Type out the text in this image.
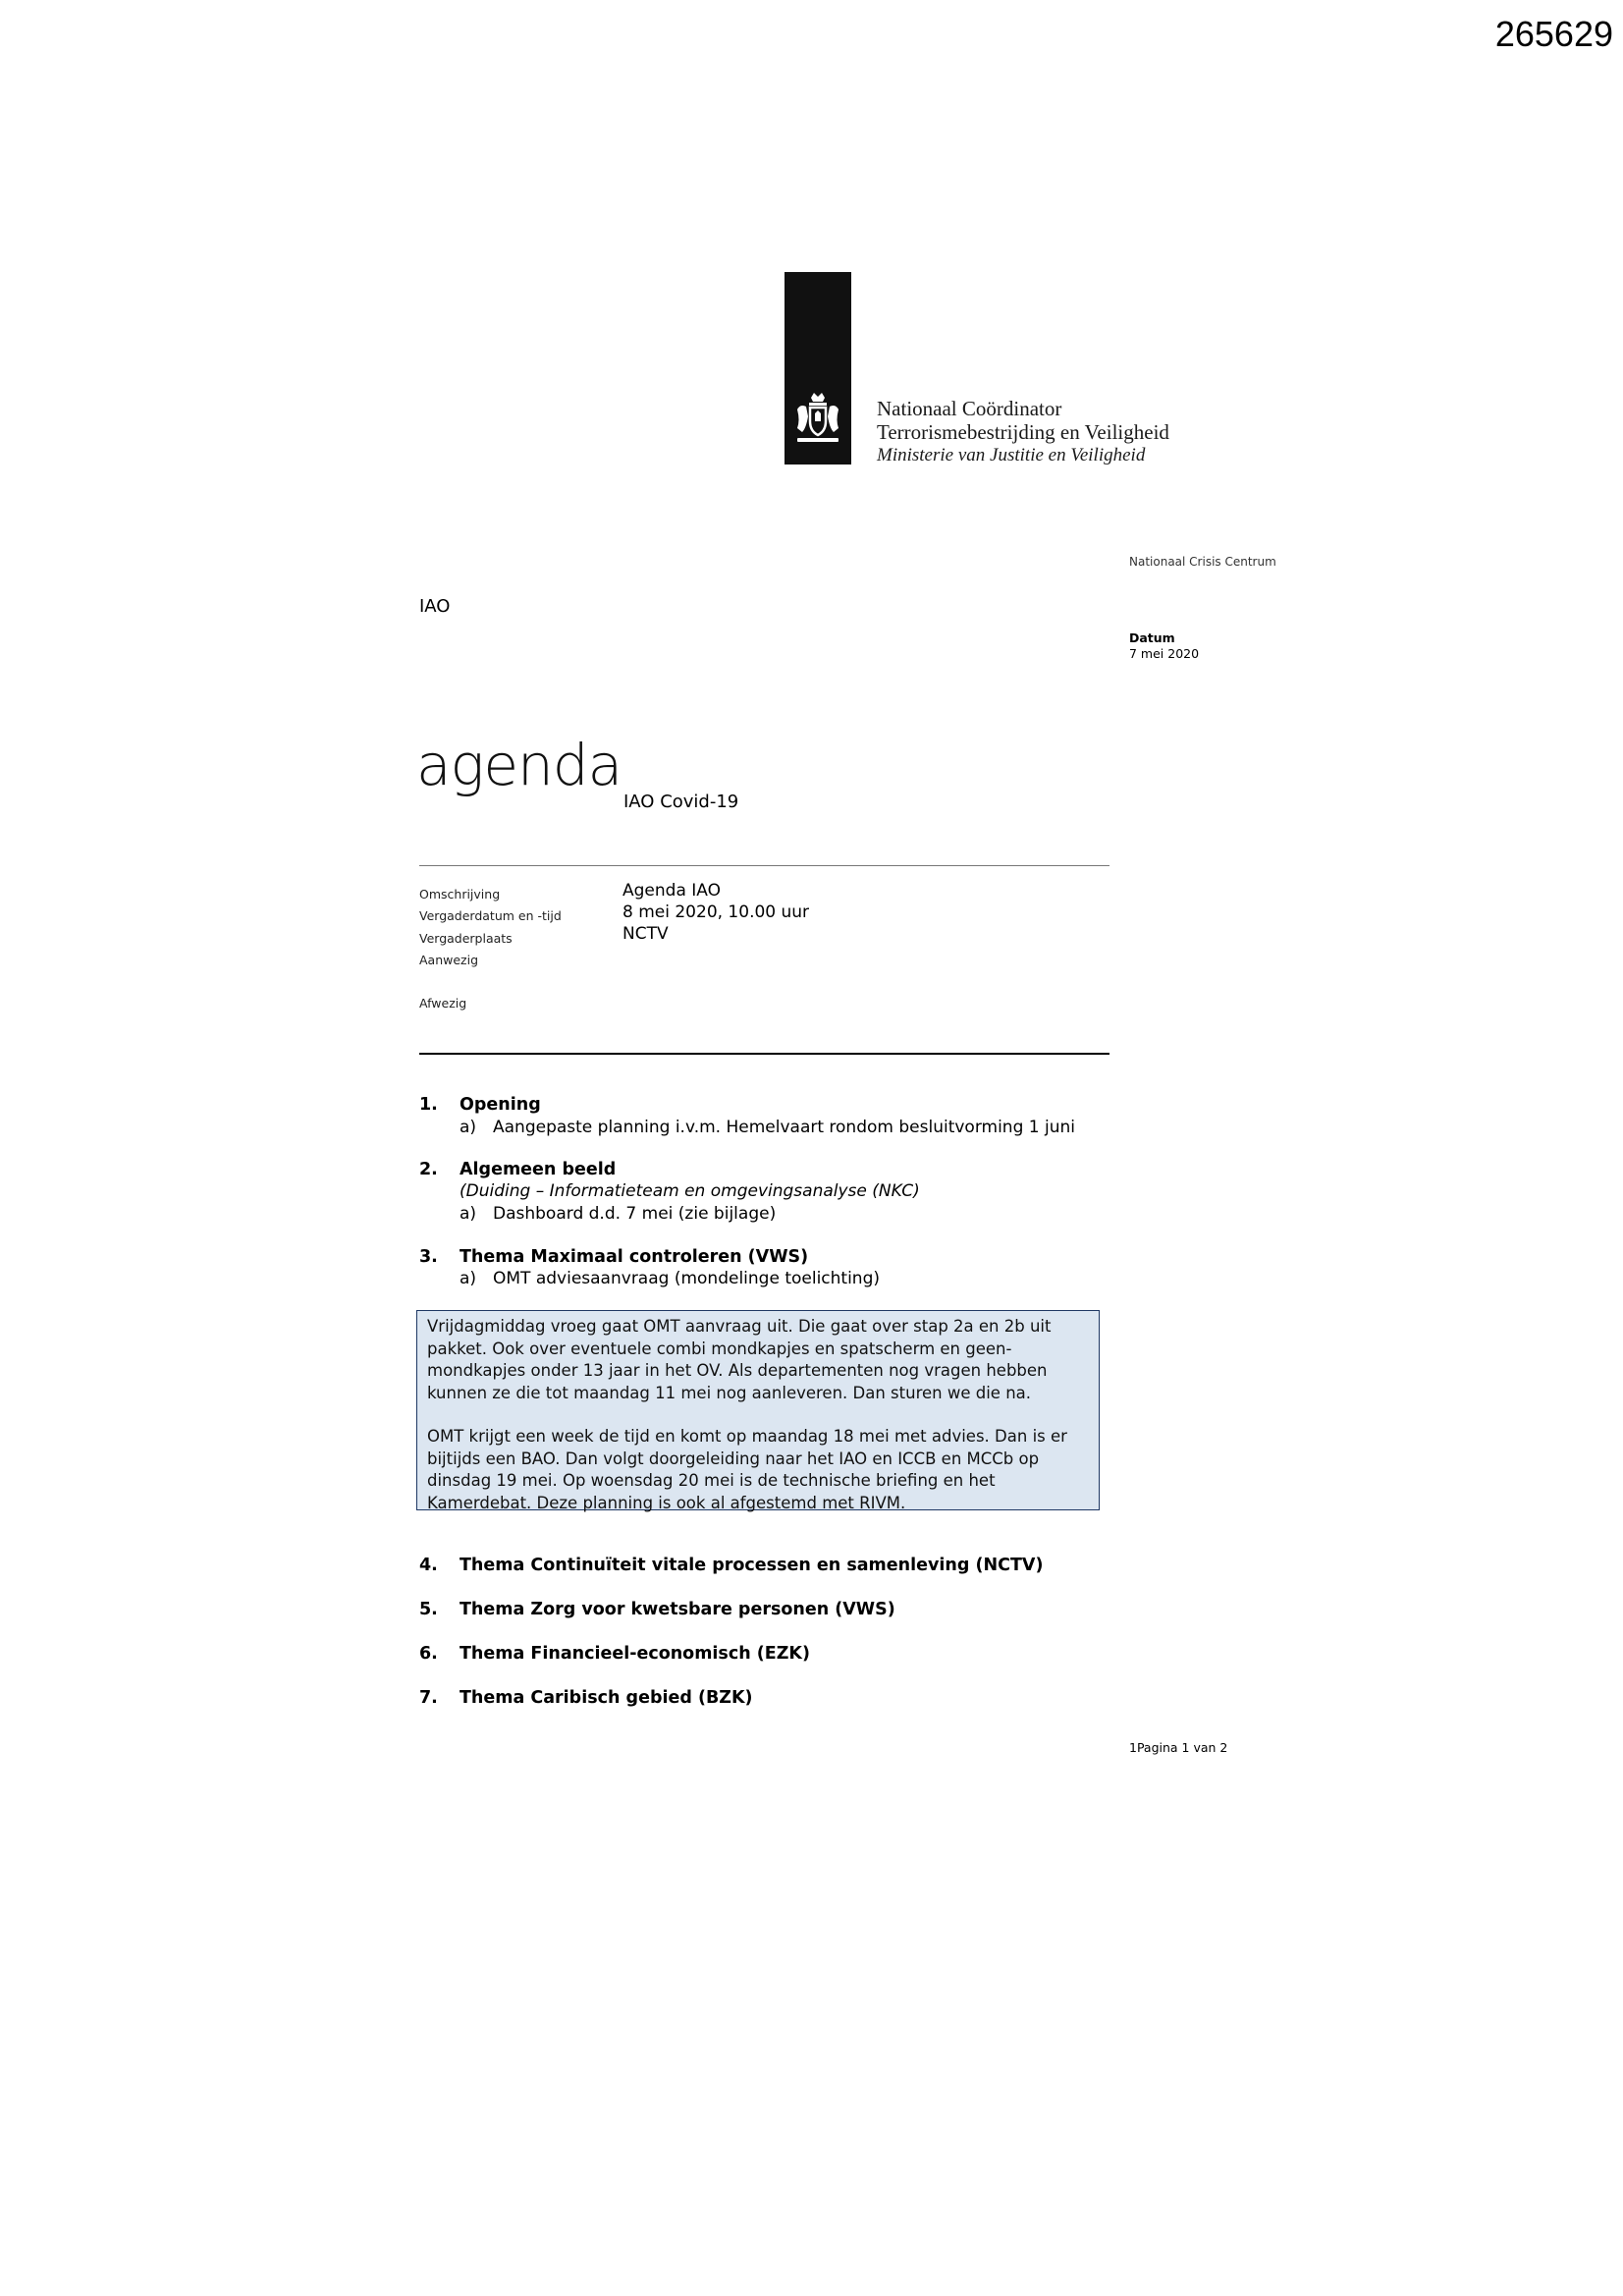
265629
Nationaal Coördinator
Terrorismebestrijding en Veiligheid
Ministerie van Justitie en Veiligheid
Nationaal Crisis Centrum
IAO
Datum
7 mei 2020
agenda
IAO Covid-19
Omschrijving	Agenda IAO
Vergaderdatum en -tijd	8 mei 2020, 10.00 uur
Vergaderplaats	NCTV
Aanwezig
Afwezig
1. Opening
a) Aangepaste planning i.v.m. Hemelvaart rondom besluitvorming 1 juni
2. Algemeen beeld
(Duiding – Informatieteam en omgevingsanalyse (NKC)
a) Dashboard d.d. 7 mei (zie bijlage)
3. Thema Maximaal controleren (VWS)
a) OMT adviesaanvraag (mondelinge toelichting)

Vrijdagmiddag vroeg gaat OMT aanvraag uit. Die gaat over stap 2a en 2b uit pakket. Ook over eventuele combi mondkapjes en spatscherm en geen-mondkapjes onder 13 jaar in het OV. Als departementen nog vragen hebben kunnen ze die tot maandag 11 mei nog aanleveren. Dan sturen we die na.

OMT krijgt een week de tijd en komt op maandag 18 mei met advies. Dan is er bijtijds een BAO. Dan volgt doorgeleiding naar het IAO en ICCB en MCCb op dinsdag 19 mei. Op woensdag 20 mei is de technische briefing en het Kamerdebat. Deze planning is ook al afgestemd met RIVM.

4. Thema Continuïteit vitale processen en samenleving (NCTV)
5. Thema Zorg voor kwetsbare personen (VWS)
6. Thema Financieel-economisch (EZK)
7. Thema Caribisch gebied (BZK)
1Pagina 1 van 2
